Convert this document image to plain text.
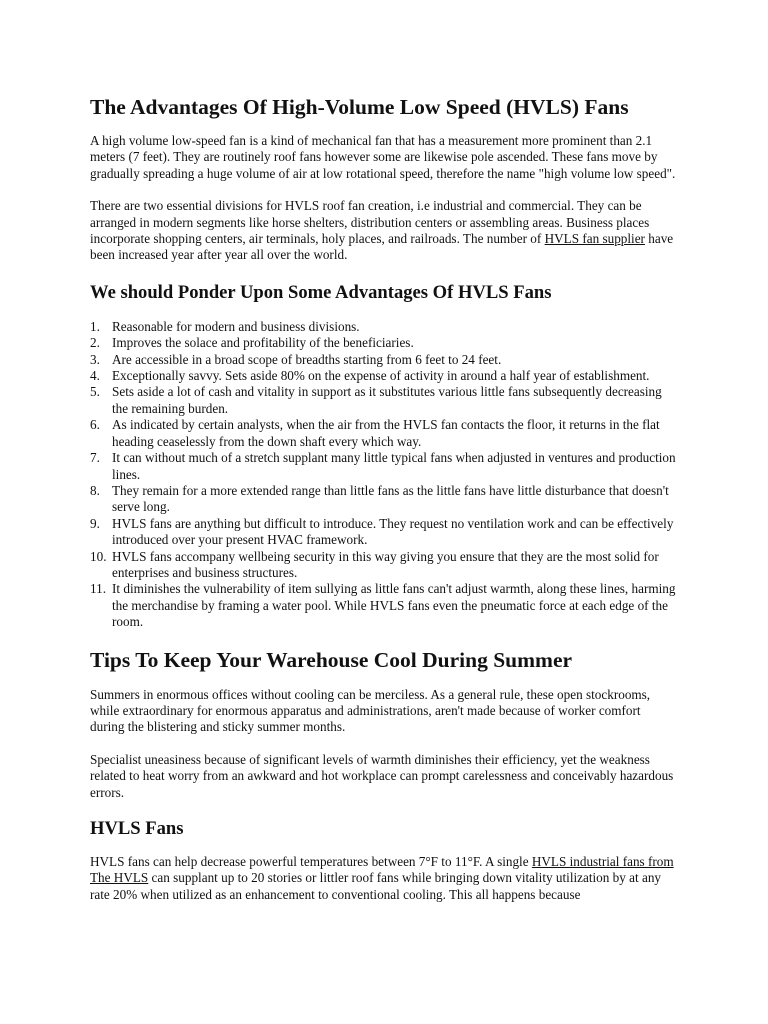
The Advantages Of High-Volume Low Speed (HVLS) Fans

A high volume low-speed fan is a kind of mechanical fan that has a measurement more prominent than 2.1 meters (7 feet). They are routinely roof fans however some are likewise pole ascended. These fans move by gradually spreading a huge volume of air at low rotational speed, therefore the name "high volume low speed".

There are two essential divisions for HVLS roof fan creation, i.e industrial and commercial. They can be arranged in modern segments like horse shelters, distribution centers or assembling areas. Business places incorporate shopping centers, air terminals, holy places, and railroads. The number of HVLS fan supplier have been increased year after year all over the world.

We should Ponder Upon Some Advantages Of HVLS Fans
1. Reasonable for modern and business divisions.
2. Improves the solace and profitability of the beneficiaries.
3. Are accessible in a broad scope of breadths starting from 6 feet to 24 feet.
4. Exceptionally savvy. Sets aside 80% on the expense of activity in around a half year of establishment.
5. Sets aside a lot of cash and vitality in support as it substitutes various little fans subsequently decreasing the remaining burden.
6. As indicated by certain analysts, when the air from the HVLS fan contacts the floor, it returns in the flat heading ceaselessly from the down shaft every which way.
7. It can without much of a stretch supplant many little typical fans when adjusted in ventures and production lines.
8. They remain for a more extended range than little fans as the little fans have little disturbance that doesn't serve long.
9. HVLS fans are anything but difficult to introduce. They request no ventilation work and can be effectively introduced over your present HVAC framework.
10. HVLS fans accompany wellbeing security in this way giving you ensure that they are the most solid for enterprises and business structures.
11. It diminishes the vulnerability of item sullying as little fans can't adjust warmth, along these lines, harming the merchandise by framing a water pool. While HVLS fans even the pneumatic force at each edge of the room.
Tips To Keep Your Warehouse Cool During Summer

Summers in enormous offices without cooling can be merciless. As a general rule, these open stockrooms, while extraordinary for enormous apparatus and administrations, aren't made because of worker comfort during the blistering and sticky summer months.

Specialist uneasiness because of significant levels of warmth diminishes their efficiency, yet the weakness related to heat worry from an awkward and hot workplace can prompt carelessness and conceivably hazardous errors.

HVLS Fans

HVLS fans can help decrease powerful temperatures between 7°F to 11°F. A single HVLS industrial fans from The HVLS can supplant up to 20 stories or littler roof fans while bringing down vitality utilization by at any rate 20% when utilized as an enhancement to conventional cooling. This all happens because
